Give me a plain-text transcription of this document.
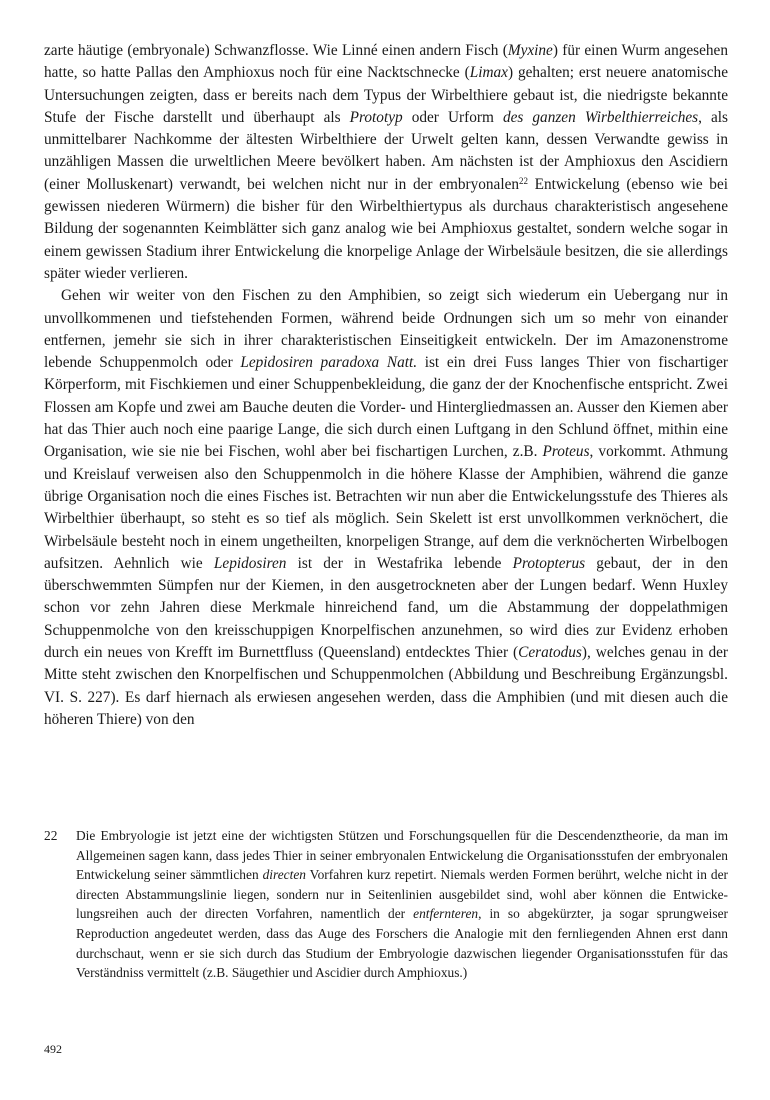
zarte häutige (embryonale) Schwanzflosse. Wie Linné einen andern Fisch (Myxine) für einen Wurm angesehen hatte, so hatte Pallas den Amphioxus noch für eine Nacktschnecke (Limax) gehalten; erst neuere anatomische Untersuchungen zeigten, dass er bereits nach dem Typus der Wirbelthiere gebaut ist, die niedrigste bekannte Stufe der Fische darstellt und überhaupt als Prototyp oder Urform des ganzen Wirbelthierreiches, als unmittelbarer Nachkomme der ältesten Wirbelthiere der Urwelt gelten kann, dessen Verwandte gewiss in unzähligen Massen die urweltlichen Meere bevölkert haben. Am nächsten ist der Amphioxus den Ascidiern (einer Molluskenart) verwandt, bei welchen nicht nur in der embryonalen$^{22}$ Entwickelung (ebenso wie bei gewissen niederen Würmern) die bisher für den Wirbelthiertypus als durchaus charakteristisch angesehene Bildung der sogenannten Keimblätter sich ganz analog wie bei Amphioxus gestaltet, sondern welche sogar in einem gewissen Stadium ihrer Entwickelung die knorpelige Anlage der Wirbelsäule besitzen, die sie allerdings später wieder verlieren.

Gehen wir weiter von den Fischen zu den Amphibien, so zeigt sich wiederum ein Uebergang nur in unvollkommenen und tiefstehenden Formen, während beide Ordnungen sich um so mehr von einander entfernen, jemehr sie sich in ihrer charakteristischen Einseitigkeit entwickeln. Der im Amazonenstrome lebende Schuppenmolch oder Lepidosiren paradoxa Natt. ist ein drei Fuss langes Thier von fischartiger Körperform, mit Fischkiemen und einer Schuppenbekleidung, die ganz der der Knochenfische entspricht. Zwei Flossen am Kopfe und zwei am Bauche deuten die Vorder- und Hintergliedmassen an. Ausser den Kiemen aber hat das Thier auch noch eine paarige Lange, die sich durch einen Luftgang in den Schlund öffnet, mithin eine Organisation, wie sie nie bei Fischen, wohl aber bei fischartigen Lurchen, z.B. Proteus, vorkommt. Athmung und Kreislauf verweisen also den Schuppenmolch in die höhere Klasse der Amphibien, während die ganze übrige Organisation noch die eines Fisches ist. Betrachten wir nun aber die Entwickelungsstufe des Thieres als Wirbelthier überhaupt, so steht es so tief als möglich. Sein Skelett ist erst unvollkommen verknöchert, die Wirbelsäule besteht noch in einem ungetheilten, knorpeligen Strange, auf dem die verknöcherten Wirbelbogen aufsitzen. Aehnlich wie Lepidosiren ist der in Westafrika lebende Protopterus gebaut, der in den überschwemmten Sümpfen nur der Kiemen, in den ausgetrockneten aber der Lungen bedarf. Wenn Huxley schon vor zehn Jahren diese Merkmale hinreichend fand, um die Abstammung der doppelathmigen Schuppenmolche von den kreisschuppigen Knorpelfischen anzunehmen, so wird dies zur Evidenz erhoben durch ein neues von Krefft im Burnettfluss (Queensland) entdecktes Thier (Ceratodus), welches genau in der Mitte steht zwischen den Knorpelfischen und Schuppenmolchen (Abbildung und Beschreibung Ergänzungsbl. VI. S. 227). Es darf hiernach als erwiesen angesehen werden, dass die Amphibien (und mit diesen auch die höheren Thiere) von den

22	Die Embryologie ist jetzt eine der wichtigsten Stützen und Forschungsquellen für die Descendenztheorie, da man im Allgemeinen sagen kann, dass jedes Thier in seiner embryonalen Entwickelung die Organisationsstufen der embryonalen Entwickelung seiner sämmtlichen directen Vorfahren kurz repetirt. Niemals werden Formen berührt, welche nicht in der directen Abstammungslinie liegen, sondern nur in Seitenlinien ausgebildet sind, wohl aber können die Entwickelungsreihen auch der directen Vorfahren, namentlich der entfernteren, in so abgekürzter, ja sogar sprungweiser Reproduction angedeutet werden, dass das Auge des Forschers die Analogie mit den fernliegenden Ahnen erst dann durchschaut, wenn er sie sich durch das Studium der Embryologie dazwischen liegender Organisationsstufen für das Verständniss vermittelt (z.B. Säugethier und Ascidier durch Amphioxus.)

492
